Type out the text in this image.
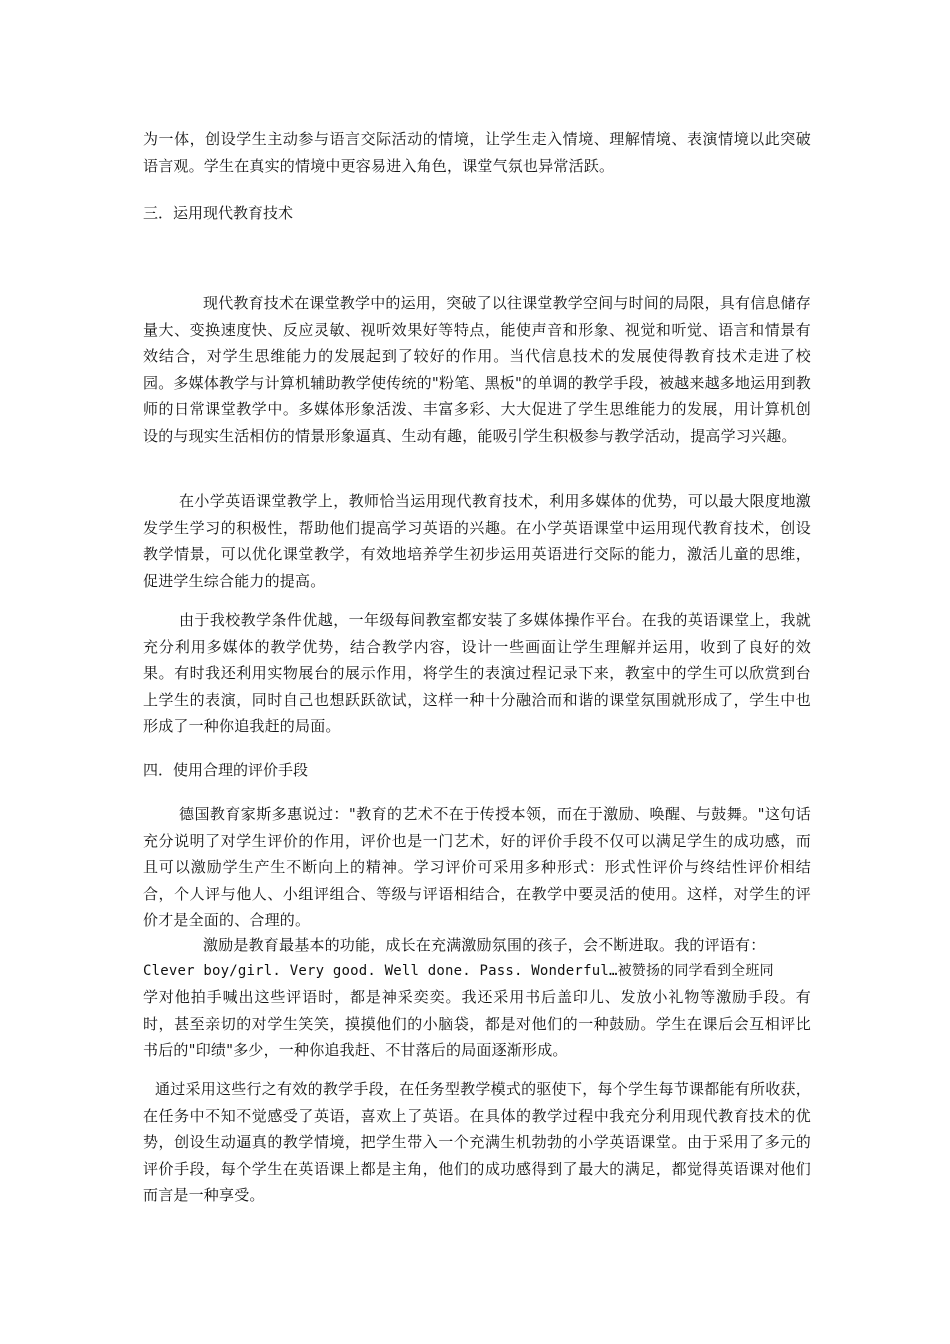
为一体，创设学生主动参与语言交际活动的情境，让学生走入情境、理解情境、表演情境以此突破语言观。学生在真实的情境中更容易进入角色，课堂气氛也异常活跃。

三．运用现代教育技术

现代教育技术在课堂教学中的运用，突破了以往课堂教学空间与时间的局限，具有信息储存量大、变换速度快、反应灵敏、视听效果好等特点，能使声音和形象、视觉和听觉、语言和情景有效结合，对学生思维能力的发展起到了较好的作用。当代信息技术的发展使得教育技术走进了校园。多媒体教学与计算机辅助教学使传统的"粉笔、黑板"的单调的教学手段，被越来越多地运用到教师的日常课堂教学中。多媒体形象活泼、丰富多彩、大大促进了学生思维能力的发展，用计算机创设的与现实生活相仿的情景形象逼真、生动有趣，能吸引学生积极参与教学活动，提高学习兴趣。

在小学英语课堂教学上，教师恰当运用现代教育技术，利用多媒体的优势，可以最大限度地激发学生学习的积极性，帮助他们提高学习英语的兴趣。在小学英语课堂中运用现代教育技术，创设教学情景，可以优化课堂教学，有效地培养学生初步运用英语进行交际的能力，激活儿童的思维，促进学生综合能力的提高。

由于我校教学条件优越，一年级每间教室都安装了多媒体操作平台。在我的英语课堂上，我就充分利用多媒体的教学优势，结合教学内容，设计一些画面让学生理解并运用，收到了良好的效果。有时我还利用实物展台的展示作用，将学生的表演过程记录下来，教室中的学生可以欣赏到台上学生的表演，同时自己也想跃跃欲试，这样一种十分融洽而和谐的课堂氛围就形成了，学生中也形成了一种你追我赶的局面。

四．使用合理的评价手段

德国教育家斯多惠说过："教育的艺术不在于传授本领，而在于激励、唤醒、与鼓舞。"这句话充分说明了对学生评价的作用，评价也是一门艺术，好的评价手段不仅可以满足学生的成功感，而且可以激励学生产生不断向上的精神。学习评价可采用多种形式：形式性评价与终结性评价相结合，个人评与他人、小组评组合、等级与评语相结合，在教学中要灵活的使用。这样，对学生的评价才是全面的、合理的。

激励是教育最基本的功能，成长在充满激励氛围的孩子，会不断进取。我的评语有：

Clever boy/girl. Very good. Well done. Pass. Wonderful…被赞扬的同学看到全班同

学对他拍手喊出这些评语时，都是神采奕奕。我还采用书后盖印儿、发放小礼物等激励手段。有时，甚至亲切的对学生笑笑，摸摸他们的小脑袋，都是对他们的一种鼓励。学生在课后会互相评比书后的"印绩"多少，一种你追我赶、不甘落后的局面逐渐形成。

通过采用这些行之有效的教学手段，在任务型教学模式的驱使下，每个学生每节课都能有所收获，在任务中不知不觉感受了英语，喜欢上了英语。在具体的教学过程中我充分利用现代教育技术的优势，创设生动逼真的教学情境，把学生带入一个充满生机勃勃的小学英语课堂。由于采用了多元的评价手段，每个学生在英语课上都是主角，他们的成功感得到了最大的满足，都觉得英语课对他们而言是一种享受。
